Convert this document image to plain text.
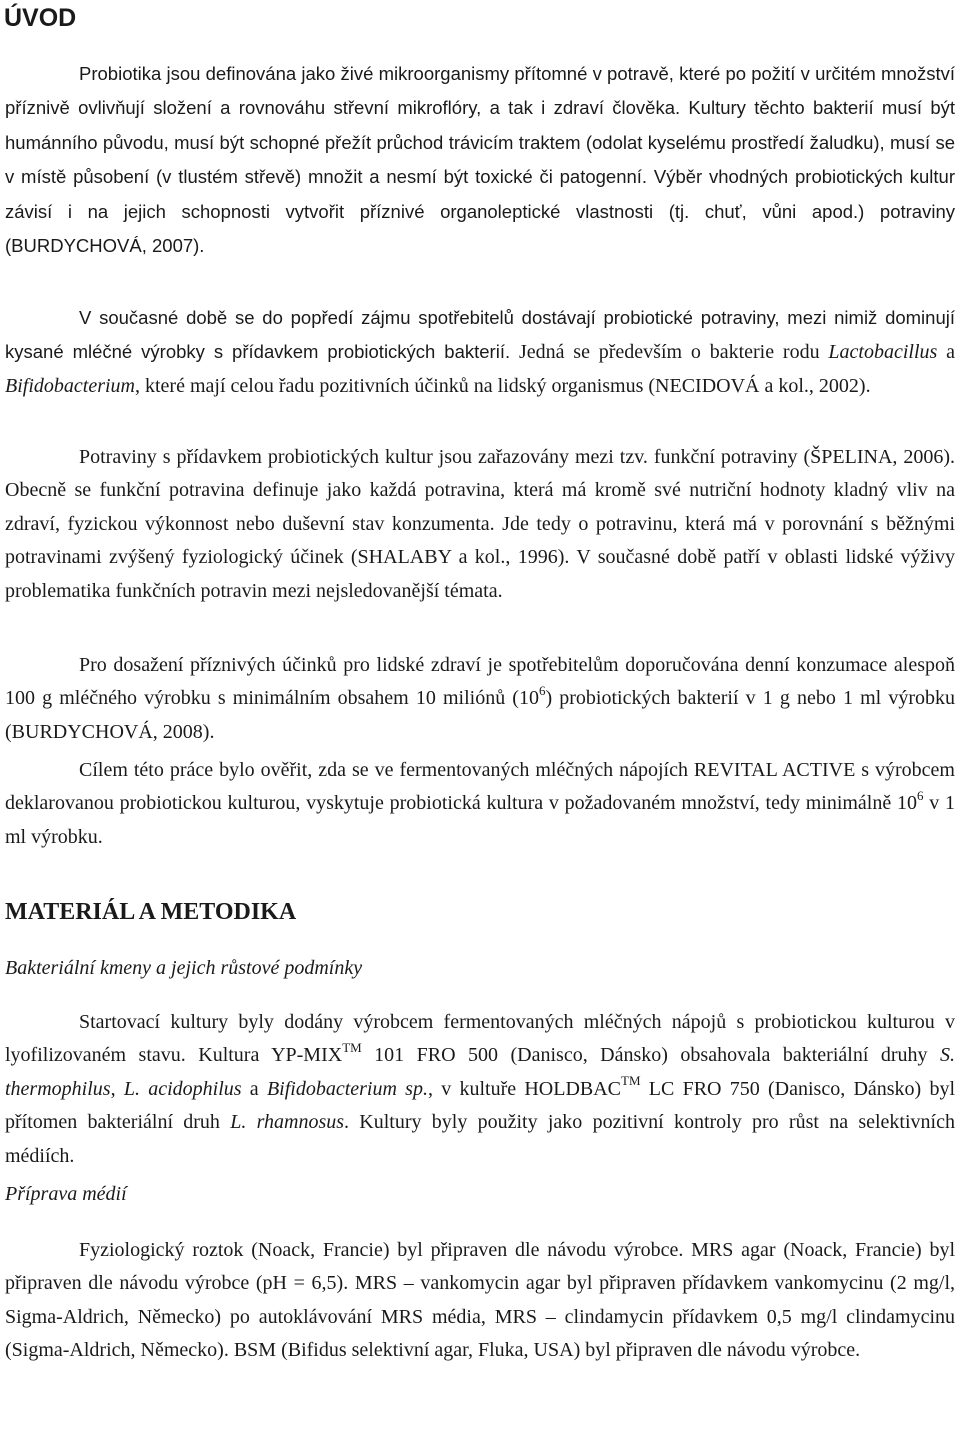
ÚVOD

Probiotika jsou definována jako živé mikroorganismy přítomné v potravě, které po požití v určitém množství příznivě ovlivňují složení a rovnováhu střevní mikroflóry, a tak i zdraví člověka. Kultury těchto bakterií musí být humánního původu, musí být schopné přežít průchod trávicím traktem (odolat kyselému prostředí žaludku), musí se v místě působení (v tlustém střevě) množit a nesmí být toxické či patogenní. Výběr vhodných probiotických kultur závisí i na jejich schopnosti vytvořit příznivé organoleptické vlastnosti (tj. chuť, vůni apod.) potraviny (BURDYCHOVÁ, 2007).

V současné době se do popředí zájmu spotřebitelů dostávají probiotické potraviny, mezi nimiž dominují kysané mléčné výrobky s přídavkem probiotických bakterií. Jedná se především o bakterie rodu Lactobacillus a Bifidobacterium, které mají celou řadu pozitivních účinků na lidský organismus (NECIDOVÁ a kol., 2002).

Potraviny s přídavkem probiotických kultur jsou zařazovány mezi tzv. funkční potraviny (ŠPELINA, 2006). Obecně se funkční potravina definuje jako každá potravina, která má kromě své nutriční hodnoty kladný vliv na zdraví, fyzickou výkonnost nebo duševní stav konzumenta. Jde tedy o potravinu, která má v porovnání s běžnými potravinami zvýšený fyziologický účinek (SHALABY a kol., 1996). V současné době patří v oblasti lidské výživy problematika funkčních potravin mezi nejsledovanější témata.

Pro dosažení příznivých účinků pro lidské zdraví je spotřebitelům doporučována denní konzumace alespoň 100 g mléčného výrobku s minimálním obsahem 10 miliónů $(10^6)$ probiotických bakterií v 1 g nebo 1 ml výrobku (BURDYCHOVÁ, 2008).

Cílem této práce bylo ověřit, zda se ve fermentovaných mléčných nápojích REVITAL ACTIVE s výrobcem deklarovanou probiotickou kulturou, vyskytuje probiotická kultura v požadovaném množství, tedy minimálně $10^6$ v 1 ml výrobku.

MATERIÁL A METODIKA

Bakteriální kmeny a jejich růstové podmínky

Startovací kultury byly dodány výrobcem fermentovaných mléčných nápojů s probiotickou kulturou v lyofilizovaném stavu. Kultura YP-MIX™ 101 FRO 500 (Danisco, Dánsko) obsahovala bakteriální druhy S. thermophilus, L. acidophilus a Bifidobacterium sp., v kultuře HOLDBAC™ LC FRO 750 (Danisco, Dánsko) byl přítomen bakteriální druh L. rhamnosus. Kultury byly použity jako pozitivní kontroly pro růst na selektivních médiích.

Příprava médií

Fyziologický roztok (Noack, Francie) byl připraven dle návodu výrobce. MRS agar (Noack, Francie) byl připraven dle návodu výrobce (pH = 6,5). MRS – vankomycin agar byl připraven přídavkem vankomycinu (2 mg/l, Sigma-Aldrich, Německo) po autoklávování MRS média, MRS – clindamycin přídavkem 0,5 mg/l clindamycinu (Sigma-Aldrich, Německo). BSM (Bifidus selektivní agar, Fluka, USA) byl připraven dle návodu výrobce.
